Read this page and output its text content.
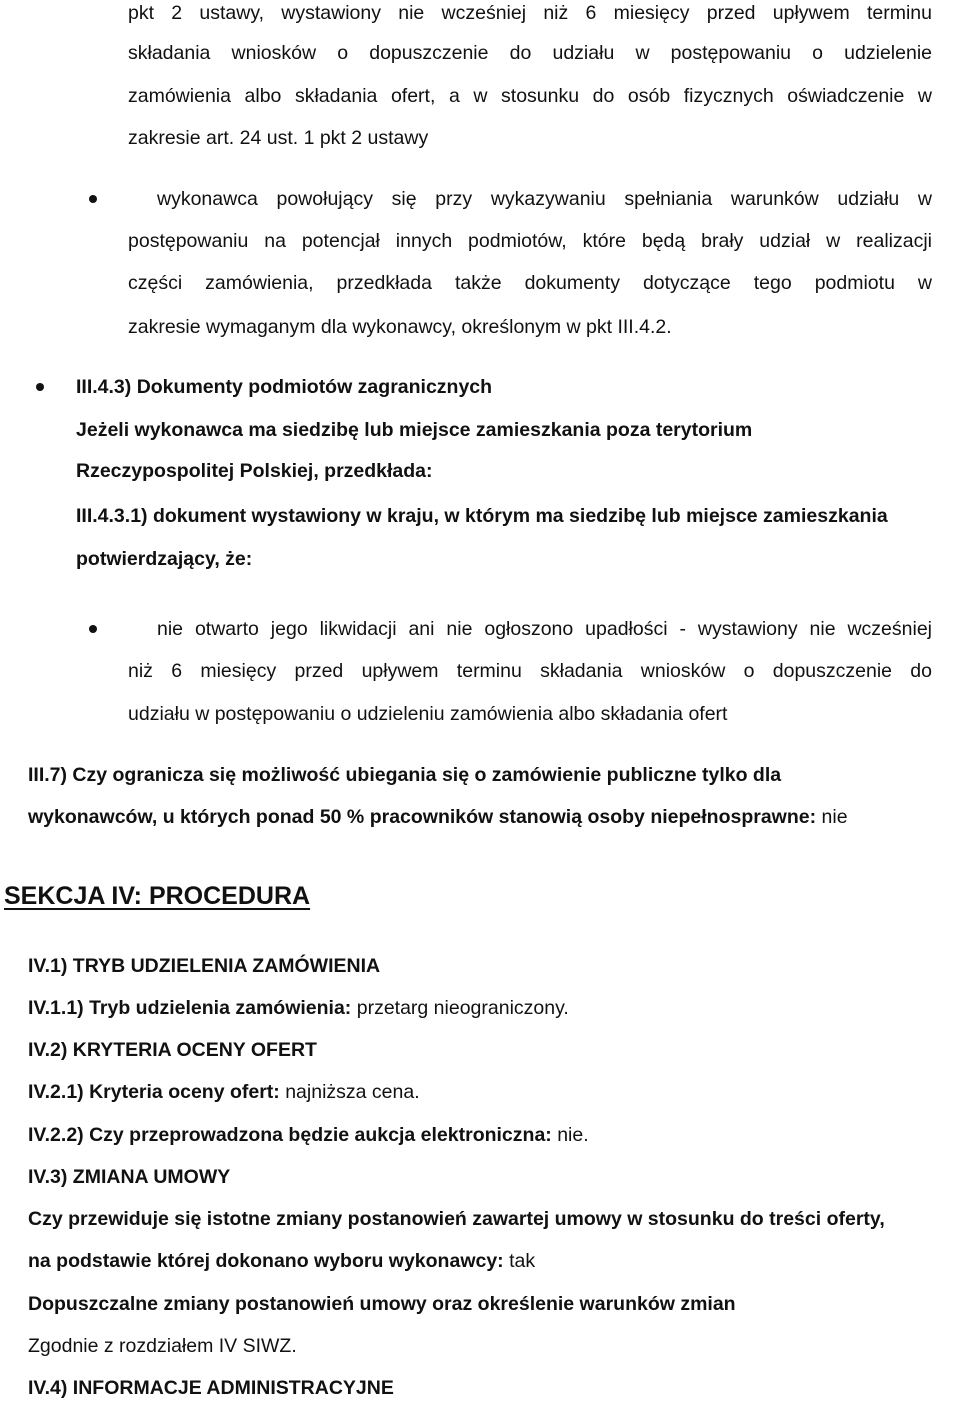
pkt 2 ustawy, wystawiony nie wcześniej niż 6 miesięcy przed upływem terminu
składania wniosków o dopuszczenie do udziału w postępowaniu o udzielenie
zamówienia albo składania ofert, a w stosunku do osób fizycznych oświadczenie w
zakresie art. 24 ust. 1 pkt 2 ustawy
wykonawca powołujący się przy wykazywaniu spełniania warunków udziału w
postępowaniu na potencjał innych podmiotów, które będą brały udział w realizacji
części zamówienia, przedkłada także dokumenty dotyczące tego podmiotu w
zakresie wymaganym dla wykonawcy, określonym w pkt III.4.2.
III.4.3) Dokumenty podmiotów zagranicznych
Jeżeli wykonawca ma siedzibę lub miejsce zamieszkania poza terytorium
Rzeczypospolitej Polskiej, przedkłada:
III.4.3.1) dokument wystawiony w kraju, w którym ma siedzibę lub miejsce zamieszkania
potwierdzający, że:
nie otwarto jego likwidacji ani nie ogłoszono upadłości - wystawiony nie wcześniej
niż 6 miesięcy przed upływem terminu składania wniosków o dopuszczenie do
udziału w postępowaniu o udzieleniu zamówienia albo składania ofert
III.7) Czy ogranicza się możliwość ubiegania się o zamówienie publiczne tylko dla
wykonawców, u których ponad 50 % pracowników stanowią osoby niepełnosprawne: nie
SEKCJA IV: PROCEDURA
IV.1) TRYB UDZIELENIA ZAMÓWIENIA
IV.1.1) Tryb udzielenia zamówienia: przetarg nieograniczony.
IV.2) KRYTERIA OCENY OFERT
IV.2.1) Kryteria oceny ofert: najniższa cena.
IV.2.2) Czy przeprowadzona będzie aukcja elektroniczna: nie.
IV.3) ZMIANA UMOWY
Czy przewiduje się istotne zmiany postanowień zawartej umowy w stosunku do treści oferty,
na podstawie której dokonano wyboru wykonawcy: tak
Dopuszczalne zmiany postanowień umowy oraz określenie warunków zmian
Zgodnie z rozdziałem IV SIWZ.
IV.4) INFORMACJE ADMINISTRACYJNE
